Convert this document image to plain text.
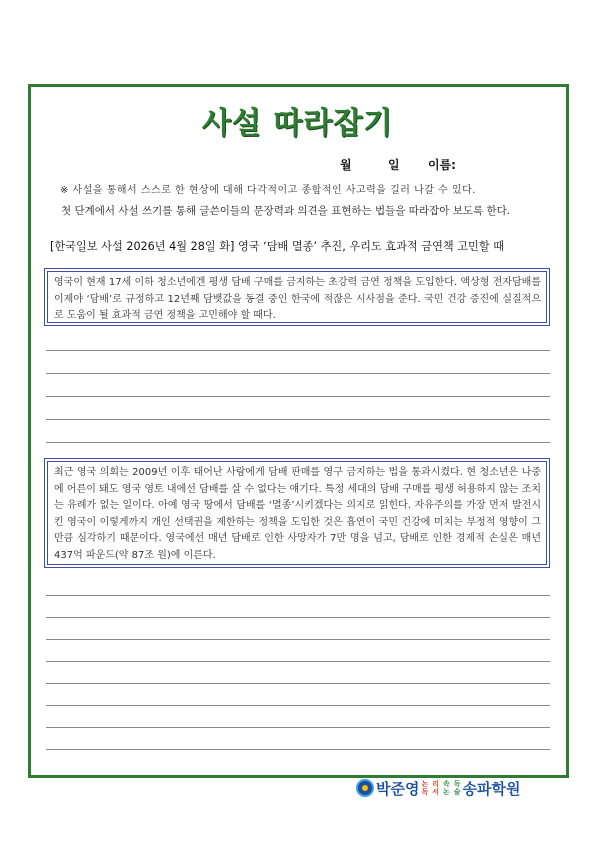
사설 따라잡기
월	일 이름:
※ 사설을 통해서 스스로 한 현상에 대해 다각적이고 종합적인 사고력을 길러 나갈 수 있다.
첫 단계에서 사설 쓰기를 통해 글쓴이들의 문장력과 의견을 표현하는 법들을 따라잡아 보도록 한다.
[한국일보 사설 2026년 4월 28일 화] 영국 ‘담배 멸종’ 추진, 우리도 효과적 금연책 고민할 때
영국이 현재 17세 이하 청소년에겐 평생 담배 구매를 금지하는 초강력 금연 정책을 도입한다. 액상형 전자담배를 이제야 ‘담배’로 규정하고 12년째 담뱃값을 동결 중인 한국에 적잖은 시사점을 준다. 국민 건강 증진에 실질적으로 도움이 될 효과적 금연 정책을 고민해야 할 때다.
최근 영국 의회는 2009년 이후 태어난 사람에게 담배 판매를 영구 금지하는 법을 통과시켰다. 현 청소년은 나중에 어른이 돼도 영국 영토 내에선 담배를 살 수 없다는 얘기다. 특정 세대의 담배 구매를 평생 허용하지 않는 조치는 유례가 없는 일이다. 아예 영국 땅에서 담배를 ‘멸종’시키겠다는 의지로 읽힌다. 자유주의를 가장 먼저 발전시킨 영국이 이렇게까지 개인 선택권을 제한하는 정책을 도입한 것은 흡연이 국민 건강에 미치는 부정적 영향이 그만큼 심각하기 때문이다. 영국에선 매년 담배로 인한 사망자가 7만 명을 넘고, 담배로 인한 경제적 손실은 매년 437억 파운드(약 87조 원)에 이른다.
박준영 논
독
리
서
속
논
독
술 송파학원
